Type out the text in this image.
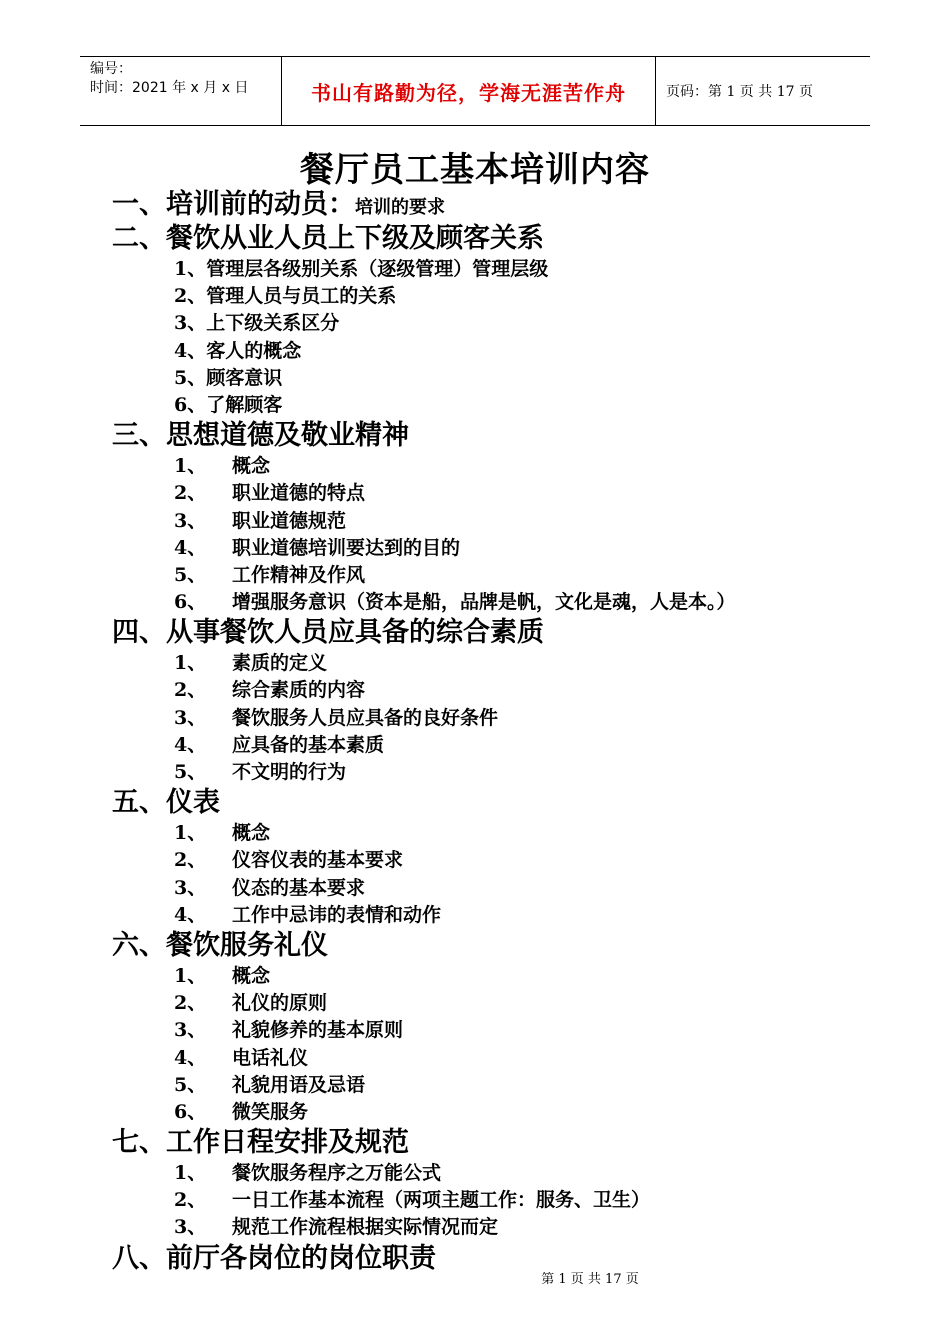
编号：
时间：2021 年 x 月 x 日	书山有路勤为径，学海无涯苦作舟	页码：第 1 页 共 17 页
餐厅员工基本培训内容
一、培训前的动员：培训的要求
二、餐饮从业人员上下级及顾客关系
1、管理层各级别关系（逐级管理）管理层级
2、管理人员与员工的关系
3、上下级关系区分
4、客人的概念
5、顾客意识
6、了解顾客
三、思想道德及敬业精神
1、 概念
2、 职业道德的特点
3、 职业道德规范
4、 职业道德培训要达到的目的
5、 工作精神及作风
6、 增强服务意识（资本是船，品牌是帆，文化是魂，人是本。）
四、从事餐饮人员应具备的综合素质
1、 素质的定义
2、 综合素质的内容
3、 餐饮服务人员应具备的良好条件
4、 应具备的基本素质
5、 不文明的行为
五、仪表
1、 概念
2、 仪容仪表的基本要求
3、 仪态的基本要求
4、 工作中忌讳的表情和动作
六、餐饮服务礼仪
1、 概念
2、 礼仪的原则
3、 礼貌修养的基本原则
4、 电话礼仪
5、 礼貌用语及忌语
6、 微笑服务
七、工作日程安排及规范
1、 餐饮服务程序之万能公式
2、 一日工作基本流程（两项主题工作：服务、卫生）
3、 规范工作流程根据实际情况而定
八、前厅各岗位的岗位职责
第 1 页 共 17 页
